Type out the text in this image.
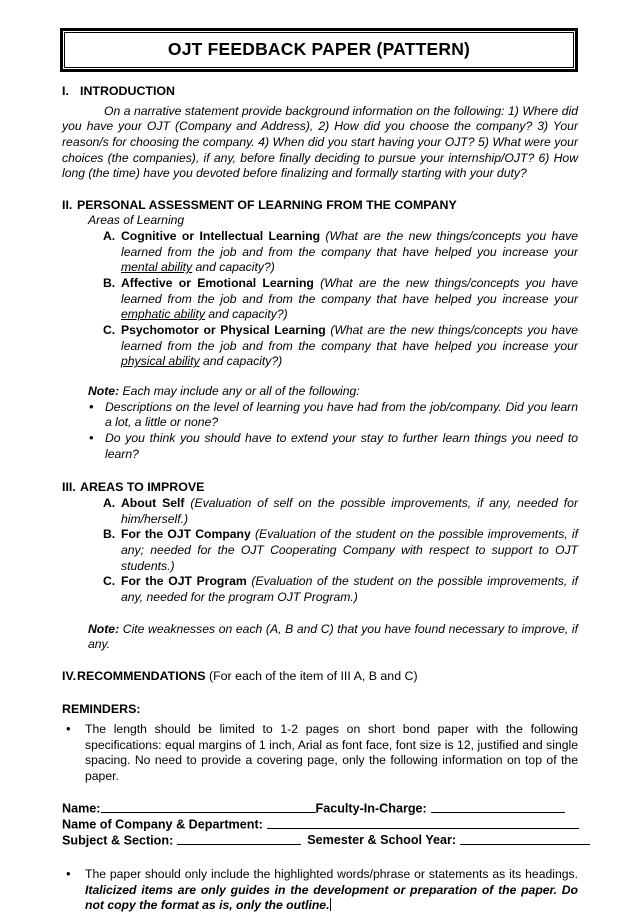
OJT FEEDBACK PAPER (PATTERN)
I. INTRODUCTION

On a narrative statement provide background information on the following: 1) Where did you have your OJT (Company and Address), 2) How did you choose the company? 3) Your reason/s for choosing the company. 4) When did you start having your OJT? 5) What were your choices (the companies), if any, before finally deciding to pursue your internship/OJT? 6) How long (the time) have you devoted before finalizing and formally starting with your duty?

II. PERSONAL ASSESSMENT OF LEARNING FROM THE COMPANY
Areas of Learning
A. Cognitive or Intellectual Learning (What are the new things/concepts you have learned from the job and from the company that have helped you increase your mental ability and capacity?)
B. Affective or Emotional Learning (What are the new things/concepts you have learned from the job and from the company that have helped you increase your emphatic ability and capacity?)
C. Psychomotor or Physical Learning (What are the new things/concepts you have learned from the job and from the company that have helped you increase your physical ability and capacity?)
Note: Each may include any or all of the following:
• Descriptions on the level of learning you have had from the job/company. Did you learn a lot, a little or none?
• Do you think you should have to extend your stay to further learn things you need to learn?
III. AREAS TO IMPROVE
A. About Self (Evaluation of self on the possible improvements, if any, needed for him/herself.)
B. For the OJT Company (Evaluation of the student on the possible improvements, if any; needed for the OJT Cooperating Company with respect to support to OJT students.)
C. For the OJT Program (Evaluation of the student on the possible improvements, if any, needed for the program OJT Program.)
Note: Cite weaknesses on each (A, B and C) that you have found necessary to improve, if any.
IV. RECOMMENDATIONS (For each of the item of III A, B and C)
REMINDERS:
• The length should be limited to 1-2 pages on short bond paper with the following specifications: equal margins of 1 inch, Arial as font face, font size is 12, justified and single spacing. No need to provide a covering page, only the following information on top of the paper.
Name:	Faculty-In-Charge:
Name of Company & Department:
Subject & Section:	Semester & School Year:
• The paper should only include the highlighted words/phrase or statements as its headings. Italicized items are only guides in the development or preparation of the paper. Do not copy the format as is, only the outline.
